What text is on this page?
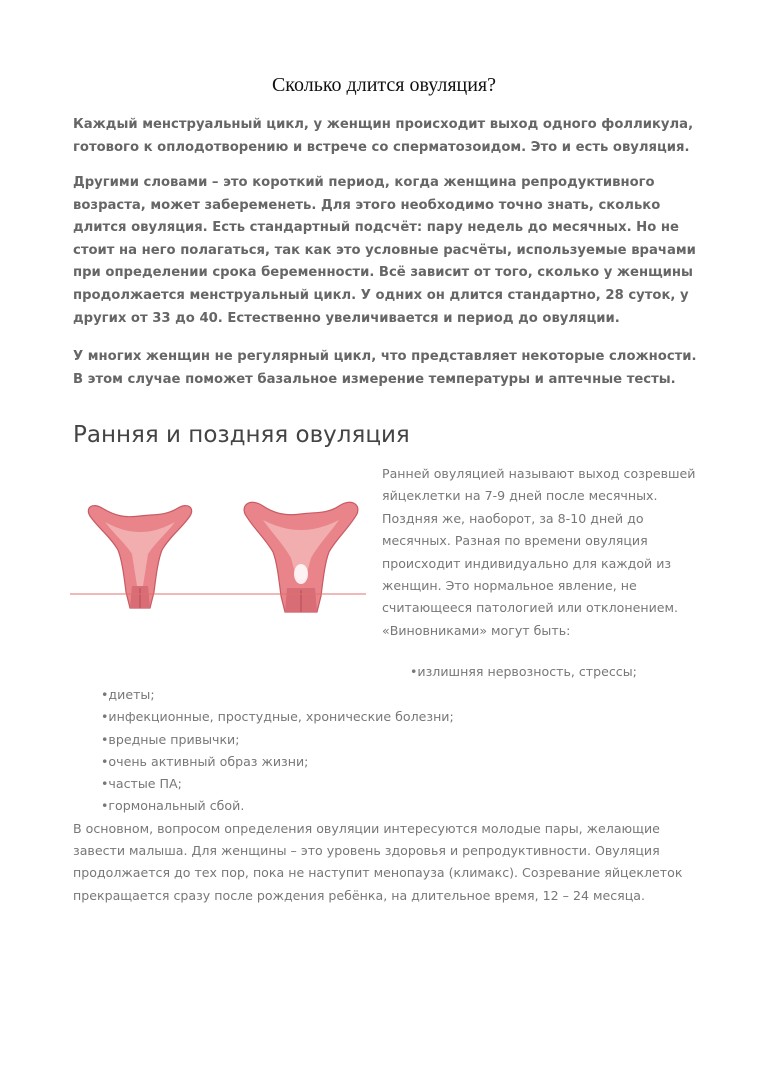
Сколько длится овуляция?
Каждый менструальный цикл, у женщин происходит выход одного фолликула, готового к оплодотворению и встрече со сперматозоидом. Это и есть овуляция.
Другими словами – это короткий период, когда женщина репродуктивного возраста, может забеременеть. Для этого необходимо точно знать, сколько длится овуляция. Есть стандартный подсчёт: пару недель до месячных. Но не стоит на него полагаться, так как это условные расчёты, используемые врачами при определении срока беременности. Всё зависит от того, сколько у женщины продолжается менструальный цикл. У одних он длится стандартно, 28 суток, у других от 33 до 40. Естественно увеличивается и период до овуляции.
У многих женщин не регулярный цикл, что представляет некоторые сложности. В этом случае поможет базальное измерение температуры и аптечные тесты.
Ранняя и поздняя овуляция
Ранней овуляцией называют выход созревшей яйцеклетки на 7-9 дней после месячных. Поздняя же, наоборот, за 8-10 дней до месячных. Разная по времени овуляция происходит индивидуально для каждой из женщин. Это нормальное явление, не считающееся патологией или отклонением. «Виновниками» могут быть:
•излишняя нервозность, стрессы;
•диеты;
•инфекционные, простудные, хронические болезни;
•вредные привычки;
•очень активный образ жизни;
•частые ПА;
•гормональный сбой.
В основном, вопросом определения овуляции интересуются молодые пары, желающие завести малыша. Для женщины – это уровень здоровья и репродуктивности. Овуляция продолжается до тех пор, пока не наступит менопауза (климакс). Созревание яйцеклеток прекращается сразу после рождения ребёнка, на длительное время, 12 – 24 месяца.
